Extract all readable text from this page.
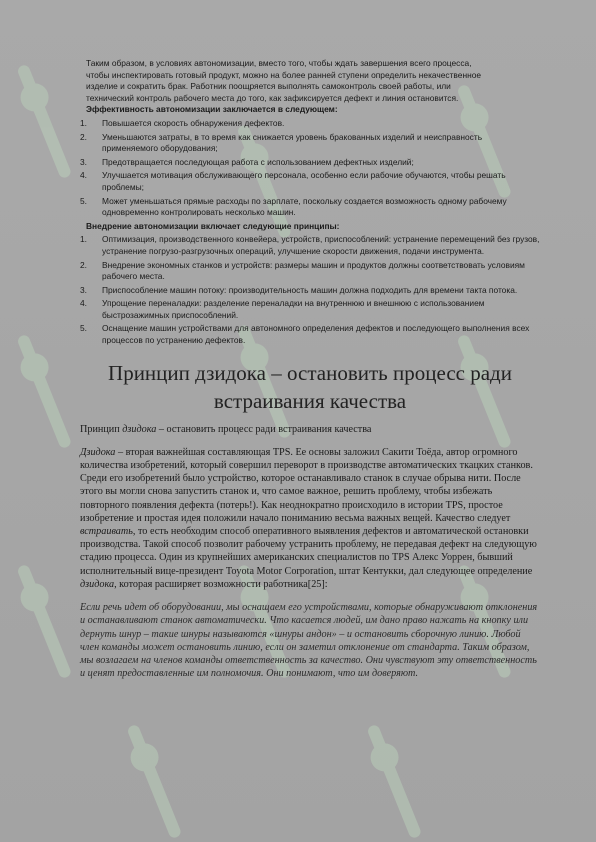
Таким образом, в условиях автономизации, вместо того, чтобы ждать завершения всего процесса,

чтобы инспектировать готовый продукт, можно на более ранней ступени определить некачественное

изделие и сократить брак. Работник поощряется выполнять самоконтроль своей работы, или

технический контроль рабочего места до того, как зафиксируется дефект и линия остановится.

Эффективность автономизации заключается в следующем:

1. Повышается скорость обнаружения дефектов.
2. Уменьшаются затраты, в то время как снижается уровень бракованных изделий и неисправность применяемого оборудования;
3. Предотвращается последующая работа с использованием дефектных изделий;
4. Улучшается мотивация обслуживающего персонала, особенно если рабочие обучаются, чтобы решать проблемы;
5. Может уменьшаться прямые расходы по зарплате, поскольку создается возможность одному рабочему одновременно контролировать несколько машин.

Внедрение автономизации включает следующие принципы:

1. Оптимизация, производственного конвейера, устройств, приспособлений: устранение перемещений без грузов, устранение погрузо-разгрузочных операций, улучшение скорости движения, подачи инструмента.
2. Внедрение экономных станков и устройств: размеры машин и продуктов должны соответствовать условиям рабочего места.
3. Приспособление машин потоку: производительность машин должна подходить для времени такта потока.
4. Упрощение переналадки: разделение переналадки на внутреннюю и внешнюю с использованием быстрозажимных приспособлений.
5. Оснащение машин устройствами для автономного определения дефектов и последующего выполнения всех процессов по устранению дефектов.
Принцип дзидока – остановить процесс ради встраивания качества

Принцип дзидока – остановить процесс ради встраивания качества

Дзидока – вторая важнейшая составляющая TPS. Ее основы заложил Сакити Тоёда, автор огромного количества изобретений, который совершил переворот в производстве автоматических ткацких станков. Среди его изобретений было устройство, которое останавливало станок в случае обрыва нити. После этого вы могли снова запустить станок и, что самое важное, решить проблему, чтобы избежать повторного появления дефекта (потерь!). Как неоднократно происходило в истории TPS, простое изобретение и простая идея положили начало пониманию весьма важных вещей. Качество следует встраивать, то есть необходим способ оперативного выявления дефектов и автоматической остановки производства. Такой способ позволит рабочему устранить проблему, не передавая дефект на следующую стадию процесса. Один из крупнейших американских специалистов по TPS Алекс Уоррен, бывший исполнительный вице-президент Toyota Motor Corporation, штат Кентукки, дал следующее определение дзидока, которая расширяет возможности работника[25]:

Если речь идет об оборудовании, мы оснащаем его устройствами, которые обнаруживают отклонения и останавливают станок автоматически. Что касается людей, им дано право нажать на кнопку или дернуть шнур – такие шнуры называются «шнуры андон» – и остановить сборочную линию. Любой член команды может остановить линию, если он заметил отклонение от стандарта. Таким образом, мы возлагаем на членов команды ответственность за качество. Они чувствуют эту ответственность и ценят предоставленные им полномочия. Они понимают, что им доверяют.
